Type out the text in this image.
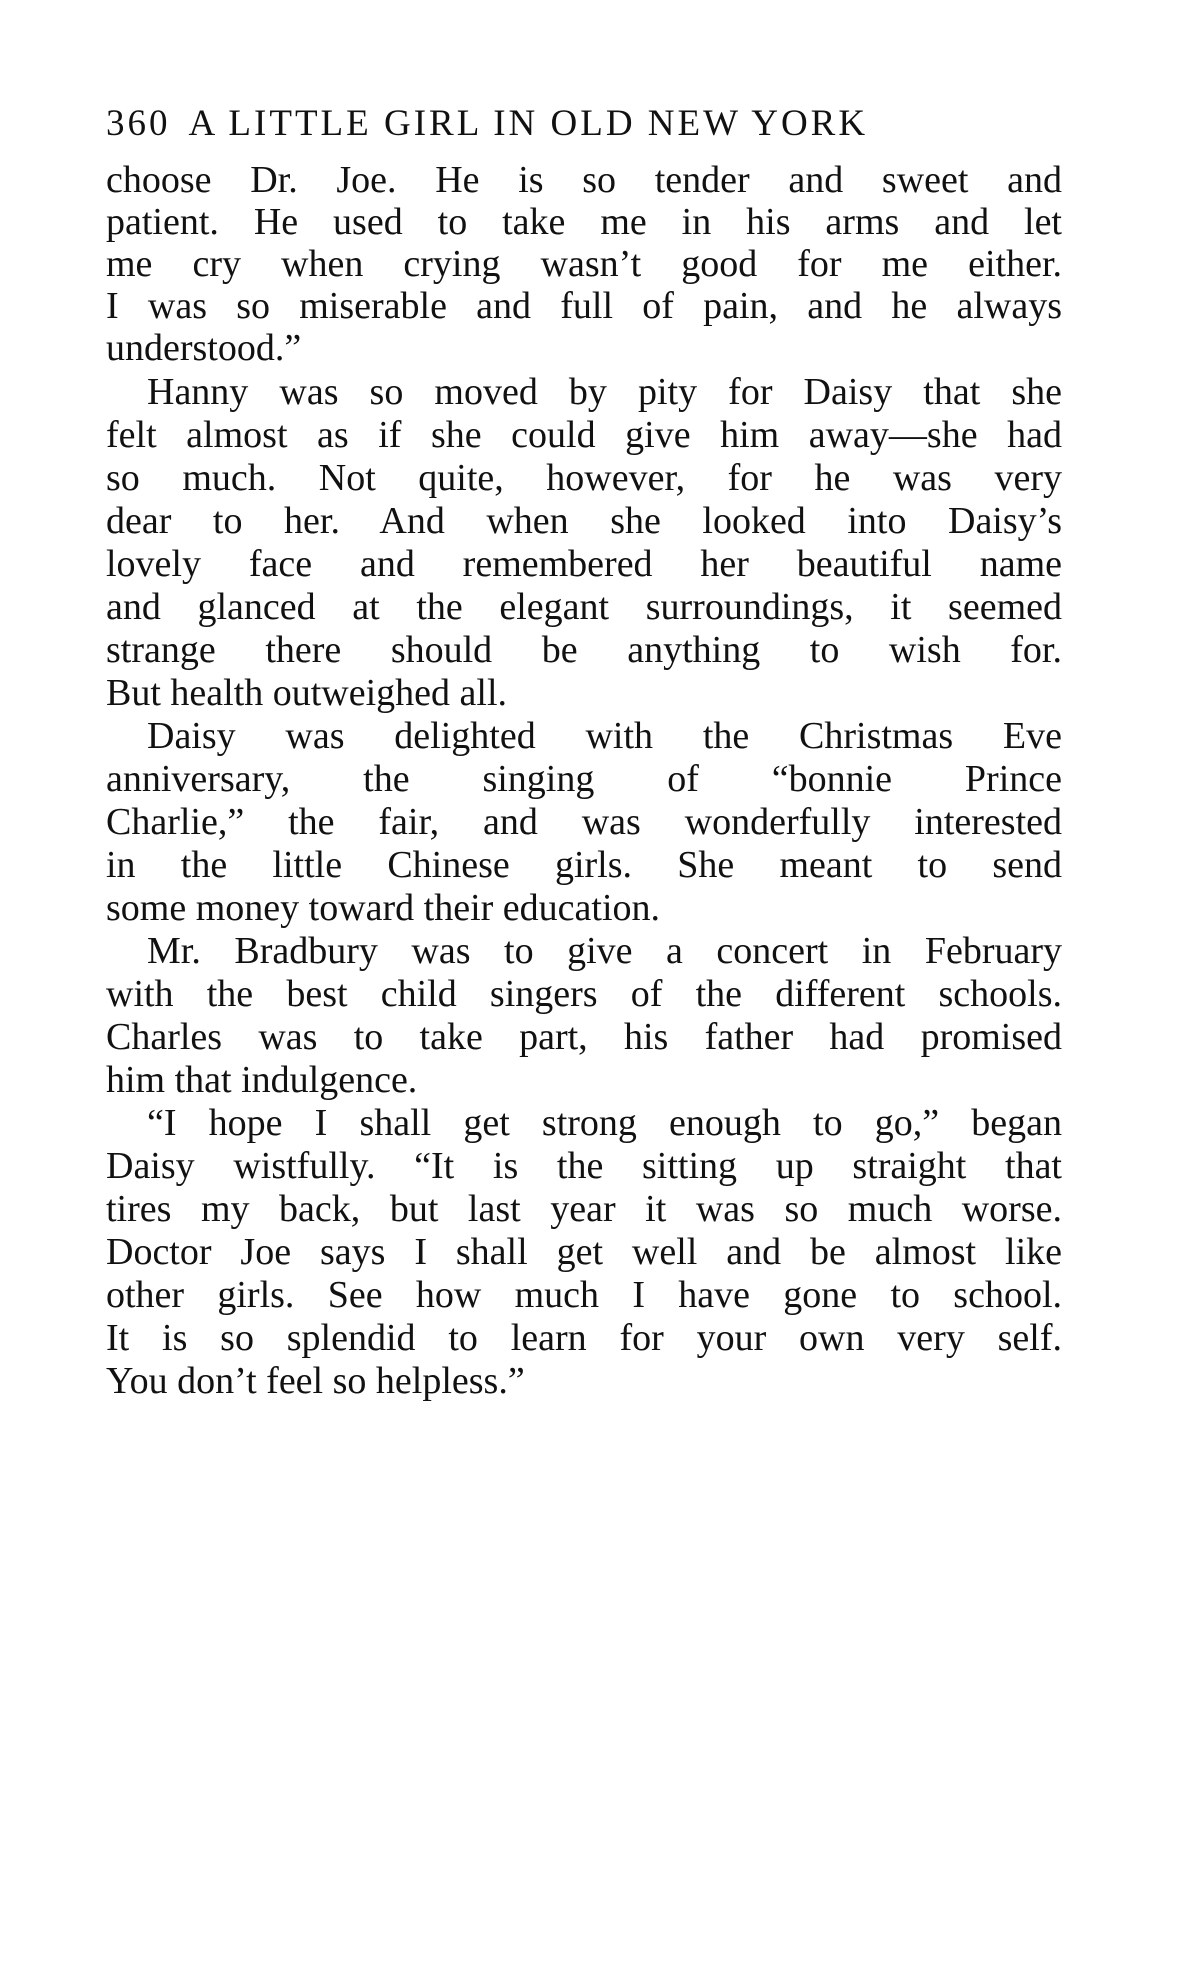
360 A LITTLE GIRL IN OLD NEW YORK
choose Dr. Joe. He is so tender and sweet and
patient. He used to take me in his arms and let
me cry when crying wasn’t good for me either.
I was so miserable and full of pain, and he always
understood.”
Hanny was so moved by pity for Daisy that she
felt almost as if she could give him away—she had
so much. Not quite, however, for he was very
dear to her. And when she looked into Daisy’s
lovely face and remembered her beautiful name
and glanced at the elegant surroundings, it seemed
strange there should be anything to wish for.
But health outweighed all.
Daisy was delighted with the Christmas Eve
anniversary, the singing of “bonnie Prince
Charlie,” the fair, and was wonderfully interested
in the little Chinese girls. She meant to send
some money toward their education.
Mr. Bradbury was to give a concert in February
with the best child singers of the different schools.
Charles was to take part, his father had promised
him that indulgence.
“I hope I shall get strong enough to go,” began
Daisy wistfully. “It is the sitting up straight that
tires my back, but last year it was so much worse.
Doctor Joe says I shall get well and be almost like
other girls. See how much I have gone to school.
It is so splendid to learn for your own very self.
You don’t feel so helpless.”
